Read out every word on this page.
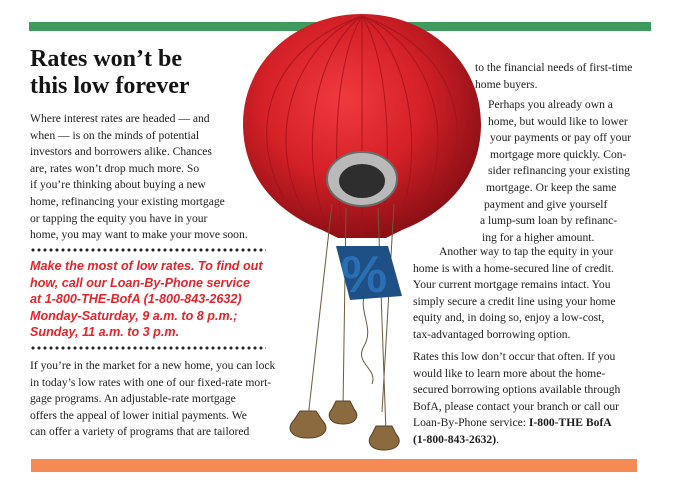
Rates won’t be
this low forever

Where interest rates are headed — and
when — is on the minds of potential
investors and borrowers alike. Chances
are, rates won’t drop much more. So
if you’re thinking about buying a new
home, refinancing your existing mortgage
or tapping the equity you have in your
home, you may want to make your move soon.

Make the most of low rates. To find out
how, call our Loan-By-Phone service
at 1-800-THE-BofA (1-800-843-2632)
Monday-Saturday, 9 a.m. to 8 p.m.;
Sunday, 11 a.m. to 3 p.m.

If you’re in the market for a new home, you can lock
in today’s low rates with one of our fixed-rate mort-
gage programs. An adjustable-rate mortgage
offers the appeal of lower initial payments. We
can offer a variety of programs that are tailored

to the financial needs of first-time
home buyers.

Perhaps you already own a
home, but would like to lower
your payments or pay off your
mortgage more quickly. Con-
sider refinancing your existing
mortgage. Or keep the same
payment and give yourself
a lump-sum loan by refinanc-
ing for a higher amount.

Another way to tap the equity in your
home is with a home-secured line of credit.
Your current mortgage remains intact. You
simply secure a credit line using your home
equity and, in doing so, enjoy a low-cost,
tax-advantaged borrowing option.

Rates this low don’t occur that often. If you
would like to learn more about the home-
secured borrowing options available through
BofA, please contact your branch or call our
Loan-By-Phone service: I-800-THE BofA
(1-800-843-2632).

%
